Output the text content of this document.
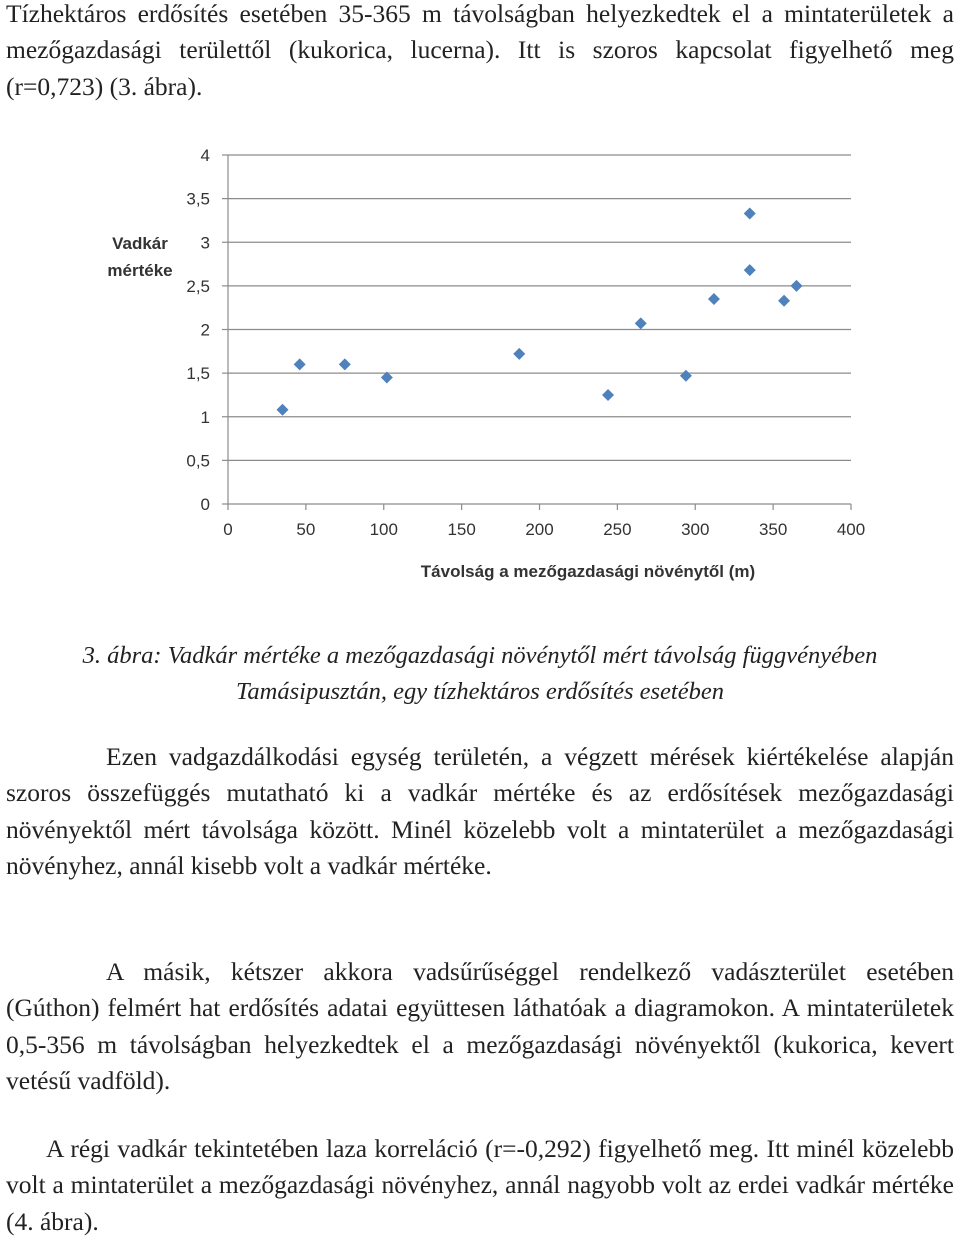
Tízhektáros erdősítés esetében 35-365 m távolságban helyezkedtek el a mintaterületek a mezőgazdasági területtől (kukorica, lucerna). Itt is szoros kapcsolat figyelhető meg (r=0,723) (3. ábra).

0
0,5
1
1,5
2
2,5
3
3,5
4
0	50	100	150	200	250	300	350	400
Vadkár
mértéke
Távolság a mezőgazdasági növénytől (m)

3. ábra: Vadkár mértéke a mezőgazdasági növénytől mért távolság függvényében
Tamásipusztán, egy tízhektáros erdősítés esetében

Ezen vadgazdálkodási egység területén, a végzett mérések kiértékelése alapján szoros összefüggés mutatható ki a vadkár mértéke és az erdősítések mezőgazdasági növényektől mért távolsága között. Minél közelebb volt a mintaterület a mezőgazdasági növényhez, annál kisebb volt a vadkár mértéke.

A másik, kétszer akkora vadsűrűséggel rendelkező vadászterület esetében (Gúthon) felmért hat erdősítés adatai együttesen láthatóak a diagramokon. A mintaterületek 0,5-356 m távolságban helyezkedtek el a mezőgazdasági növényektől (kukorica, kevert vetésű vadföld).

A régi vadkár tekintetében laza korreláció (r=-0,292) figyelhető meg. Itt minél közelebb volt a mintaterület a mezőgazdasági növényhez, annál nagyobb volt az erdei vadkár mértéke (4. ábra).
